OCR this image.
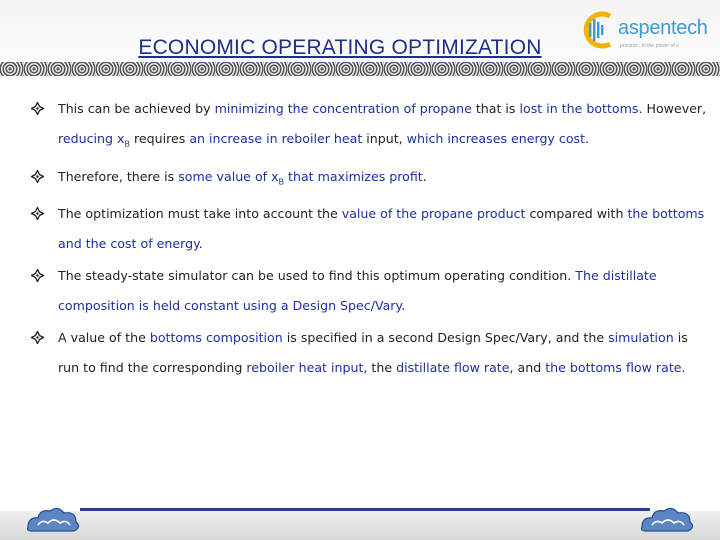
ECONOMIC OPERATING OPTIMIZATION
aspentech
process . to the power of e
This can be achieved by minimizing the concentration of propane that is lost in the bottoms. However, reducing $x_B$ requires an increase in reboiler heat input, which increases energy cost.
Therefore, there is some value of $x_B$ that maximizes profit.
The optimization must take into account the value of the propane product compared with the bottoms and the cost of energy.
The steady-state simulator can be used to find this optimum operating condition. The distillate composition is held constant using a Design Spec/Vary.
A value of the bottoms composition is specified in a second Design Spec/Vary, and the simulation is run to find the corresponding reboiler heat input, the distillate flow rate, and the bottoms flow rate.
